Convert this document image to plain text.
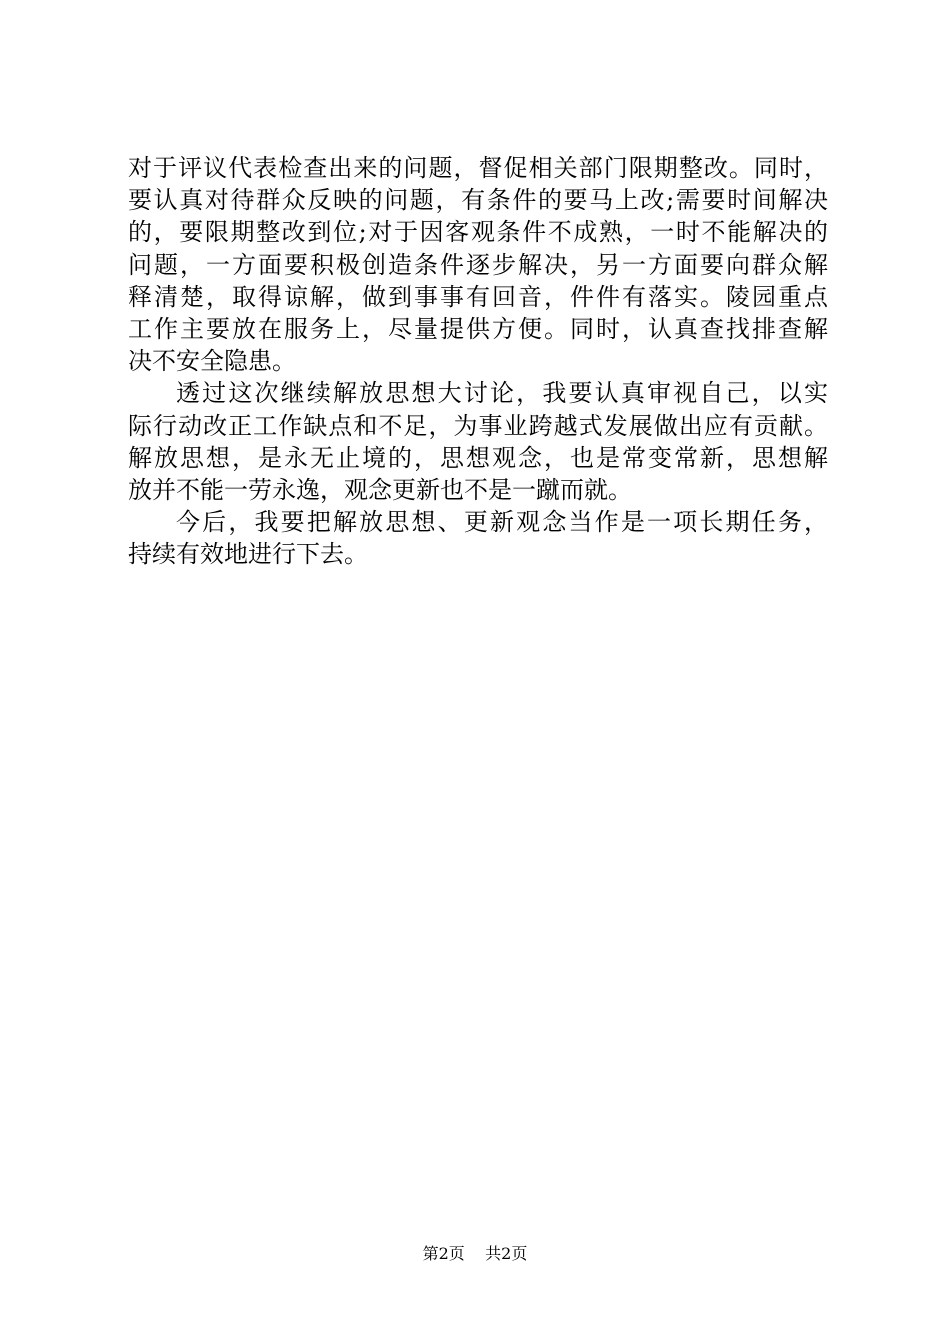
对于评议代表检查出来的问题，督促相关部门限期整改。同时，
要认真对待群众反映的问题，有条件的要马上改;需要时间解决
的，要限期整改到位;对于因客观条件不成熟，一时不能解决的
问题，一方面要积极创造条件逐步解决，另一方面要向群众解
释清楚，取得谅解，做到事事有回音，件件有落实。陵园重点
工作主要放在服务上，尽量提供方便。同时，认真查找排查解
决不安全隐患。
透过这次继续解放思想大讨论，我要认真审视自己，以实
际行动改正工作缺点和不足，为事业跨越式发展做出应有贡献。
解放思想，是永无止境的，思想观念，也是常变常新，思想解
放并不能一劳永逸，观念更新也不是一蹴而就。
今后，我要把解放思想、更新观念当作是一项长期任务，
持续有效地进行下去。
第2页 共2页
